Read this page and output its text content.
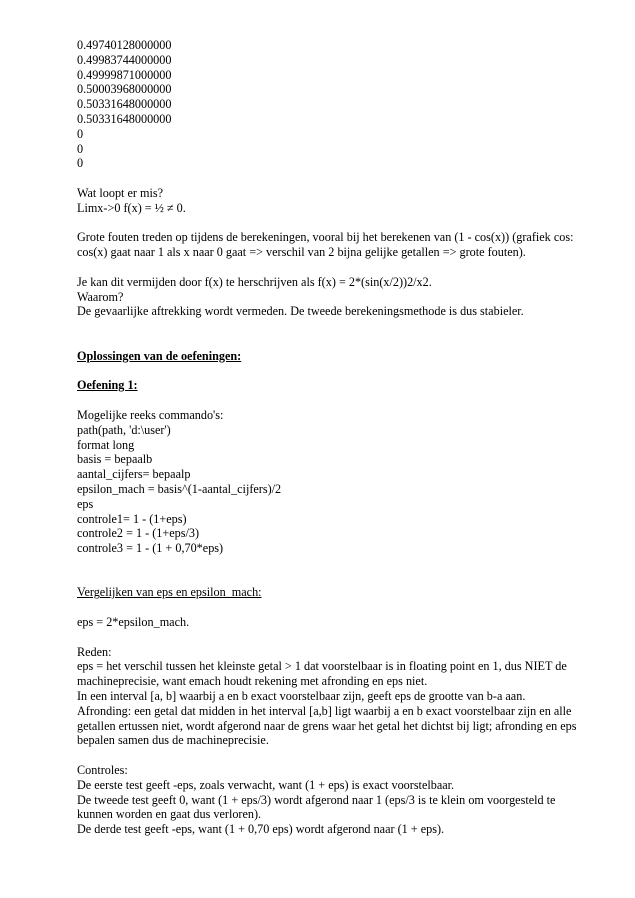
0.49740128000000
0.49983744000000
0.49999871000000
0.50003968000000
0.50331648000000
0.50331648000000
0
0
0
Wat loopt er mis?
Limx->0 f(x) = ½ ≠ 0.
Grote fouten treden op tijdens de berekeningen, vooral bij het berekenen van (1 - cos(x)) (grafiek cos: cos(x) gaat naar 1 als x naar 0 gaat => verschil van 2 bijna gelijke getallen => grote fouten).
Je kan dit vermijden door f(x) te herschrijven als f(x) = 2*(sin(x/2))2/x2.
Waarom?
De gevaarlijke aftrekking wordt vermeden. De tweede berekeningsmethode is dus stabieler.
Oplossingen van de oefeningen:
Oefening 1:
Mogelijke reeks commando's:
path(path, 'd:\user')
format long
basis = bepaalb
aantal_cijfers= bepaalp
epsilon_mach = basis^(1-aantal_cijfers)/2
eps
controle1= 1 - (1+eps)
controle2 = 1 - (1+eps/3)
controle3 = 1 - (1 + 0,70*eps)
Vergelijken van eps en epsilon_mach:
eps = 2*epsilon_mach.
Reden:
eps = het verschil tussen het kleinste getal > 1 dat voorstelbaar is in floating point en 1, dus NIET de machineprecisie, want emach houdt rekening met afronding en eps niet.
In een interval [a, b] waarbij a en b exact voorstelbaar zijn, geeft eps de grootte van b-a aan.
Afronding: een getal dat midden in het interval [a,b] ligt waarbij a en b exact voorstelbaar zijn en alle getallen ertussen niet, wordt afgerond naar de grens waar het getal het dichtst bij ligt; afronding en eps bepalen samen dus de machineprecisie.
Controles:
De eerste test geeft -eps, zoals verwacht, want (1 + eps) is exact voorstelbaar.
De tweede test geeft 0, want (1 + eps/3) wordt afgerond naar 1 (eps/3 is te klein om voorgesteld te kunnen worden en gaat dus verloren).
De derde test geeft -eps, want (1 + 0,70 eps) wordt afgerond naar (1 + eps).
